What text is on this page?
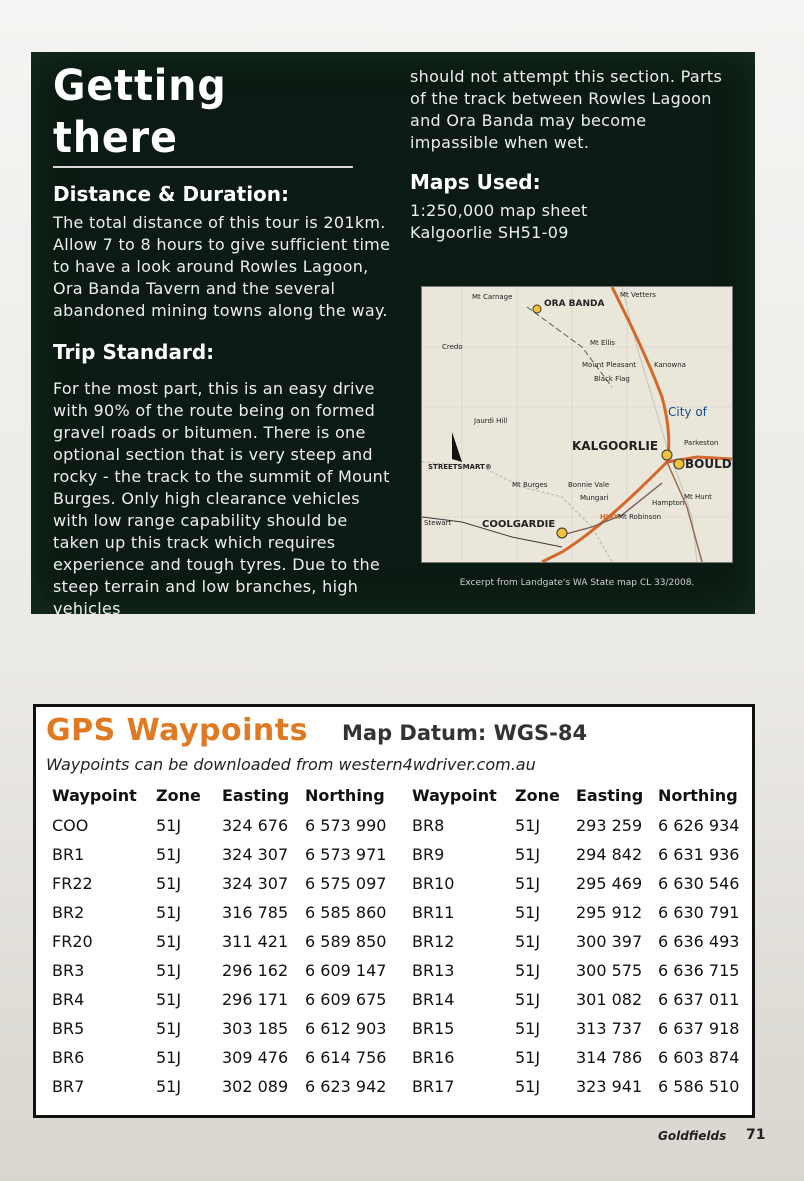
Getting there
Distance & Duration:

The total distance of this tour is 201km. Allow 7 to 8 hours to give sufficient time to have a look around Rowles Lagoon, Ora Banda Tavern and the several abandoned mining towns along the way.

Trip Standard:

For the most part, this is an easy drive with 90% of the route being on formed gravel roads or bitumen. There is one optional section that is very steep and rocky - the track to the summit of Mount Burges. Only high clearance vehicles with low range capability should be taken up this track which requires experience and tough tyres. Due to the steep terrain and low branches, high vehicles

should not attempt this section. Parts of the track between Rowles Lagoon and Ora Banda may become impassible when wet.

Maps Used:

1:250,000 map sheet

Kalgoorlie SH51-09

ORA BANDA
Mt Carnage	Mt Vetters
Credo	Mt Ellis
Mount Pleasant	Kanowna
Black Flag
Jaurdi Hill
City of
KALGOORLIE	Parkeston
BOULD
STREETSMART®
Mt Burges	Bonnie Vale
Mungari
Hampton
Mt Hunt
Mt Robinson
Stewart	COOLGARDIE
HWY
Excerpt from Landgate's WA State map CL 33/2008.
GPS Waypoints Map Datum: WGS-84
Waypoints can be downloaded from western4wdriver.com.au
Waypoint	Zone	Easting	Northing
COO	51J	324 676	6 573 990
BR1	51J	324 307	6 573 971
FR22	51J	324 307	6 575 097
BR2	51J	316 785	6 585 860
FR20	51J	311 421	6 589 850
BR3	51J	296 162	6 609 147
BR4	51J	296 171	6 609 675
BR5	51J	303 185	6 612 903
BR6	51J	309 476	6 614 756
BR7	51J	302 089	6 623 942
Waypoint	Zone	Easting	Northing
BR8	51J	293 259	6 626 934
BR9	51J	294 842	6 631 936
BR10	51J	295 469	6 630 546
BR11	51J	295 912	6 630 791
BR12	51J	300 397	6 636 493
BR13	51J	300 575	6 636 715
BR14	51J	301 082	6 637 011
BR15	51J	313 737	6 637 918
BR16	51J	314 786	6 603 874
BR17	51J	323 941	6 586 510
Goldfields 71
